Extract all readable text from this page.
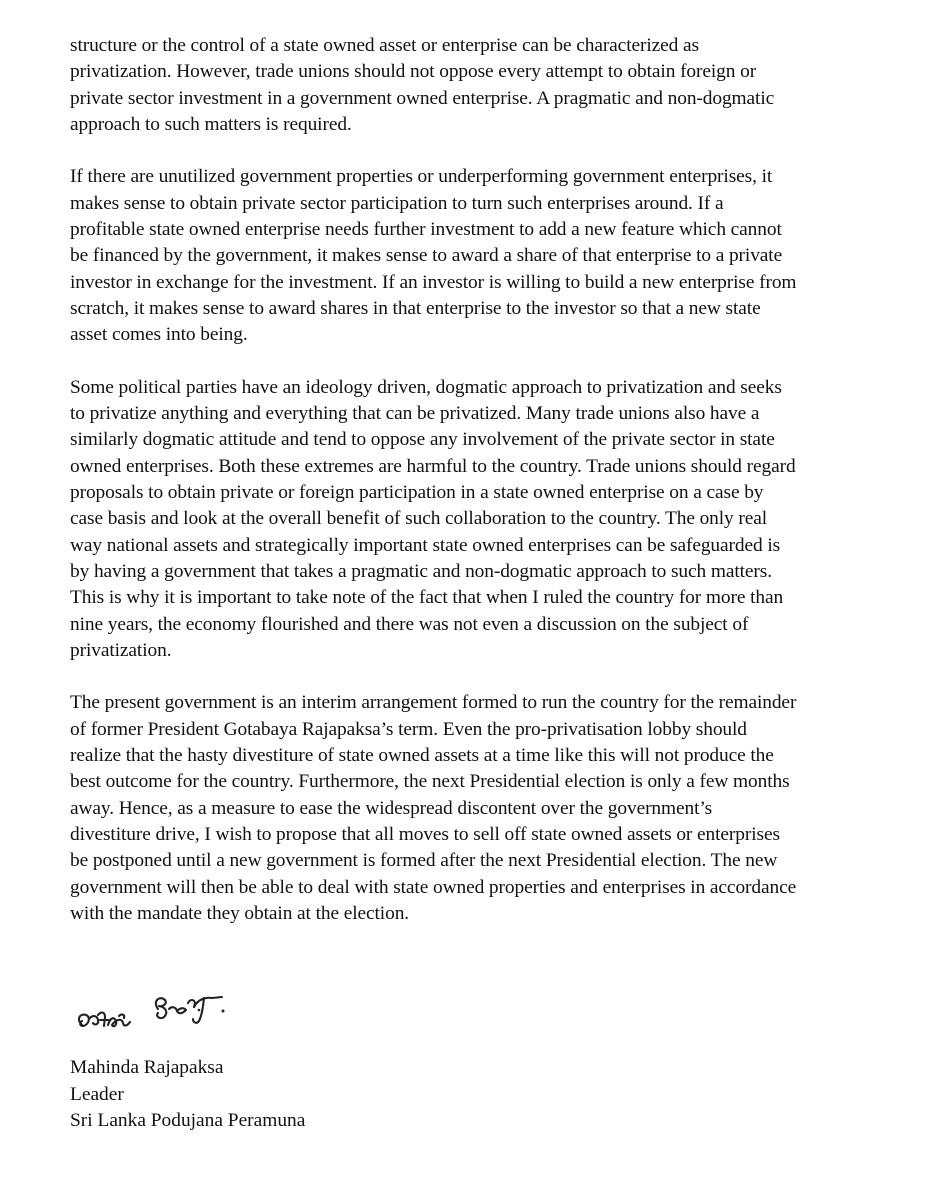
structure or the control of a state owned asset or enterprise can be characterized as
privatization. However, trade unions should not oppose every attempt to obtain foreign or
private sector investment in a government owned enterprise. A pragmatic and non-dogmatic
approach to such matters is required.

If there are unutilized government properties or underperforming government enterprises, it
makes sense to obtain private sector participation to turn such enterprises around. If a
profitable state owned enterprise needs further investment to add a new feature which cannot
be financed by the government, it makes sense to award a share of that enterprise to a private
investor in exchange for the investment. If an investor is willing to build a new enterprise from
scratch, it makes sense to award shares in that enterprise to the investor so that a new state
asset comes into being.

Some political parties have an ideology driven, dogmatic approach to privatization and seeks
to privatize anything and everything that can be privatized. Many trade unions also have a
similarly dogmatic attitude and tend to oppose any involvement of the private sector in state
owned enterprises. Both these extremes are harmful to the country. Trade unions should regard
proposals to obtain private or foreign participation in a state owned enterprise on a case by
case basis and look at the overall benefit of such collaboration to the country. The only real
way national assets and strategically important state owned enterprises can be safeguarded is
by having a government that takes a pragmatic and non-dogmatic approach to such matters.
This is why it is important to take note of the fact that when I ruled the country for more than
nine years, the economy flourished and there was not even a discussion on the subject of
privatization.

The present government is an interim arrangement formed to run the country for the remainder
of former President Gotabaya Rajapaksa’s term. Even the pro-privatisation lobby should
realize that the hasty divestiture of state owned assets at a time like this will not produce the
best outcome for the country. Furthermore, the next Presidential election is only a few months
away. Hence, as a measure to ease the widespread discontent over the government’s
divestiture drive, I wish to propose that all moves to sell off state owned assets or enterprises
be postponed until a new government is formed after the next Presidential election. The new
government will then be able to deal with state owned properties and enterprises in accordance
with the mandate they obtain at the election.

Mahinda Rajapaksa
Leader
Sri Lanka Podujana Peramuna
